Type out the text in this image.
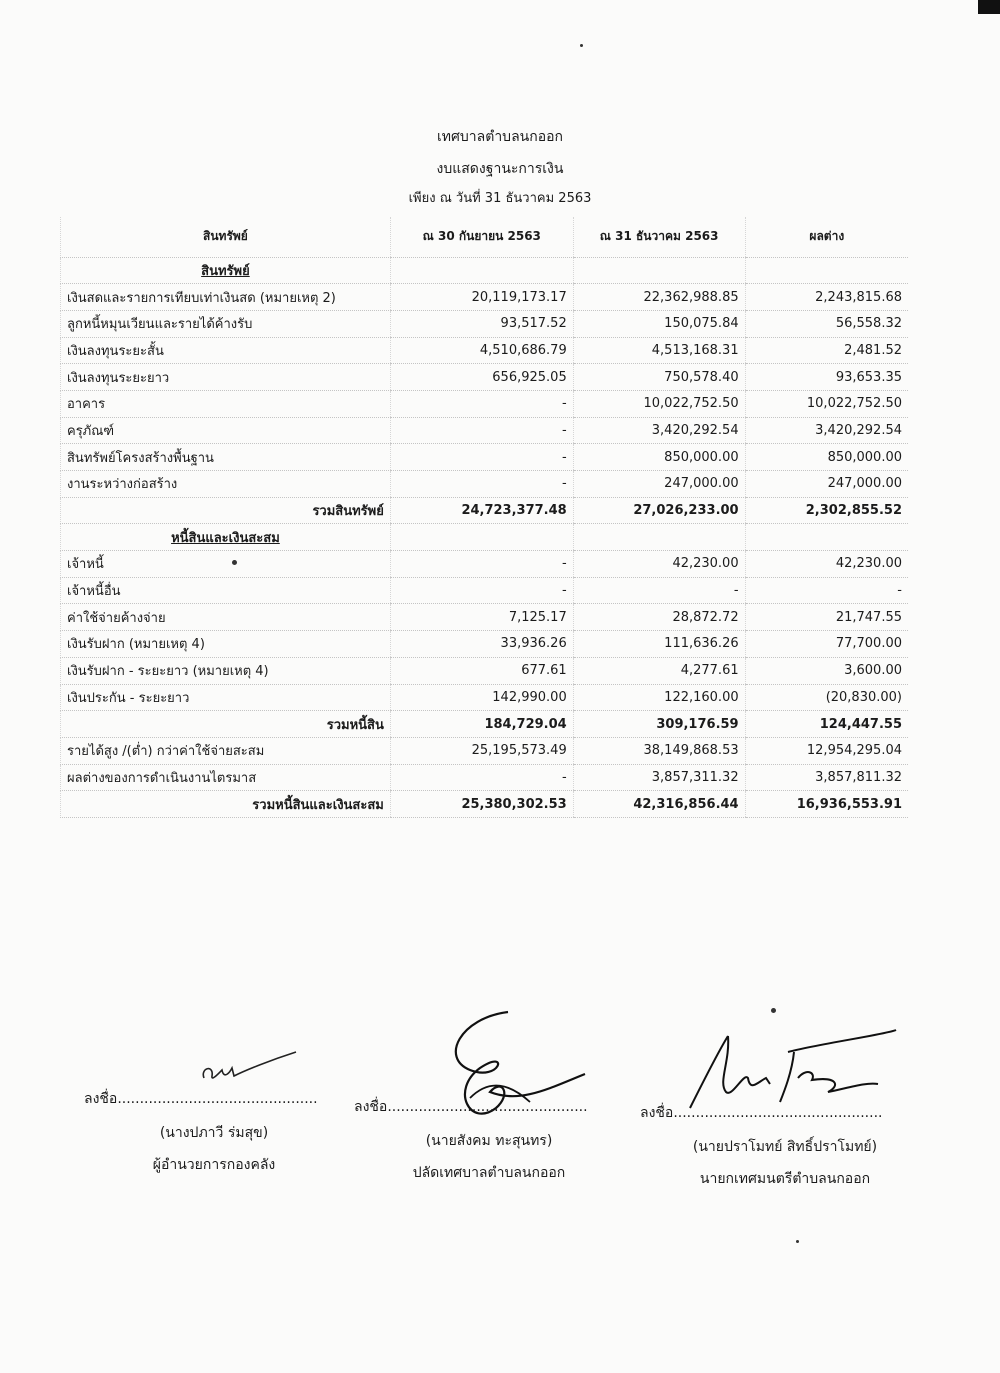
เทศบาลตำบลนกออก
งบแสดงฐานะการเงิน
เพียง ณ วันที่ 31 ธันวาคม 2563
สินทรัพย์	ณ 30 กันยายน 2563	ณ 31 ธันวาคม 2563	ผลต่าง
สินทรัพย์			
เงินสดและรายการเทียบเท่าเงินสด (หมายเหตุ 2)	20,119,173.17	22,362,988.85	2,243,815.68
ลูกหนี้หมุนเวียนและรายได้ค้างรับ	93,517.52	150,075.84	56,558.32
เงินลงทุนระยะสั้น	4,510,686.79	4,513,168.31	2,481.52
เงินลงทุนระยะยาว	656,925.05	750,578.40	93,653.35
อาคาร	-	10,022,752.50	10,022,752.50
ครุภัณฑ์	-	3,420,292.54	3,420,292.54
สินทรัพย์โครงสร้างพื้นฐาน	-	850,000.00	850,000.00
งานระหว่างก่อสร้าง	-	247,000.00	247,000.00
รวมสินทรัพย์	24,723,377.48	27,026,233.00	2,302,855.52
หนี้สินและเงินสะสม			
เจ้าหนี้	-	42,230.00	42,230.00
เจ้าหนี้อื่น	-	-	-
ค่าใช้จ่ายค้างจ่าย	7,125.17	28,872.72	21,747.55
เงินรับฝาก (หมายเหตุ 4)	33,936.26	111,636.26	77,700.00
เงินรับฝาก - ระยะยาว (หมายเหตุ 4)	677.61	4,277.61	3,600.00
เงินประกัน - ระยะยาว	142,990.00	122,160.00	(20,830.00)
รวมหนี้สิน	184,729.04	309,176.59	124,447.55
รายได้สูง /(ต่ำ) กว่าค่าใช้จ่ายสะสม	25,195,573.49	38,149,868.53	12,954,295.04
ผลต่างของการดำเนินงานไตรมาส	-	3,857,311.32	3,857,811.32
รวมหนี้สินและเงินสะสม	25,380,302.53	42,316,856.44	16,936,553.91
ลงชื่อ.............................................
(นางปภาวี ร่มสุข)
ผู้อำนวยการกองคลัง
ลงชื่อ.............................................
(นายสังคม ทะสุนทร)
ปลัดเทศบาลตำบลนกออก
ลงชื่อ...............................................
(นายปราโมทย์ สิทธิ์ปราโมทย์)
นายกเทศมนตรีตำบลนกออก
